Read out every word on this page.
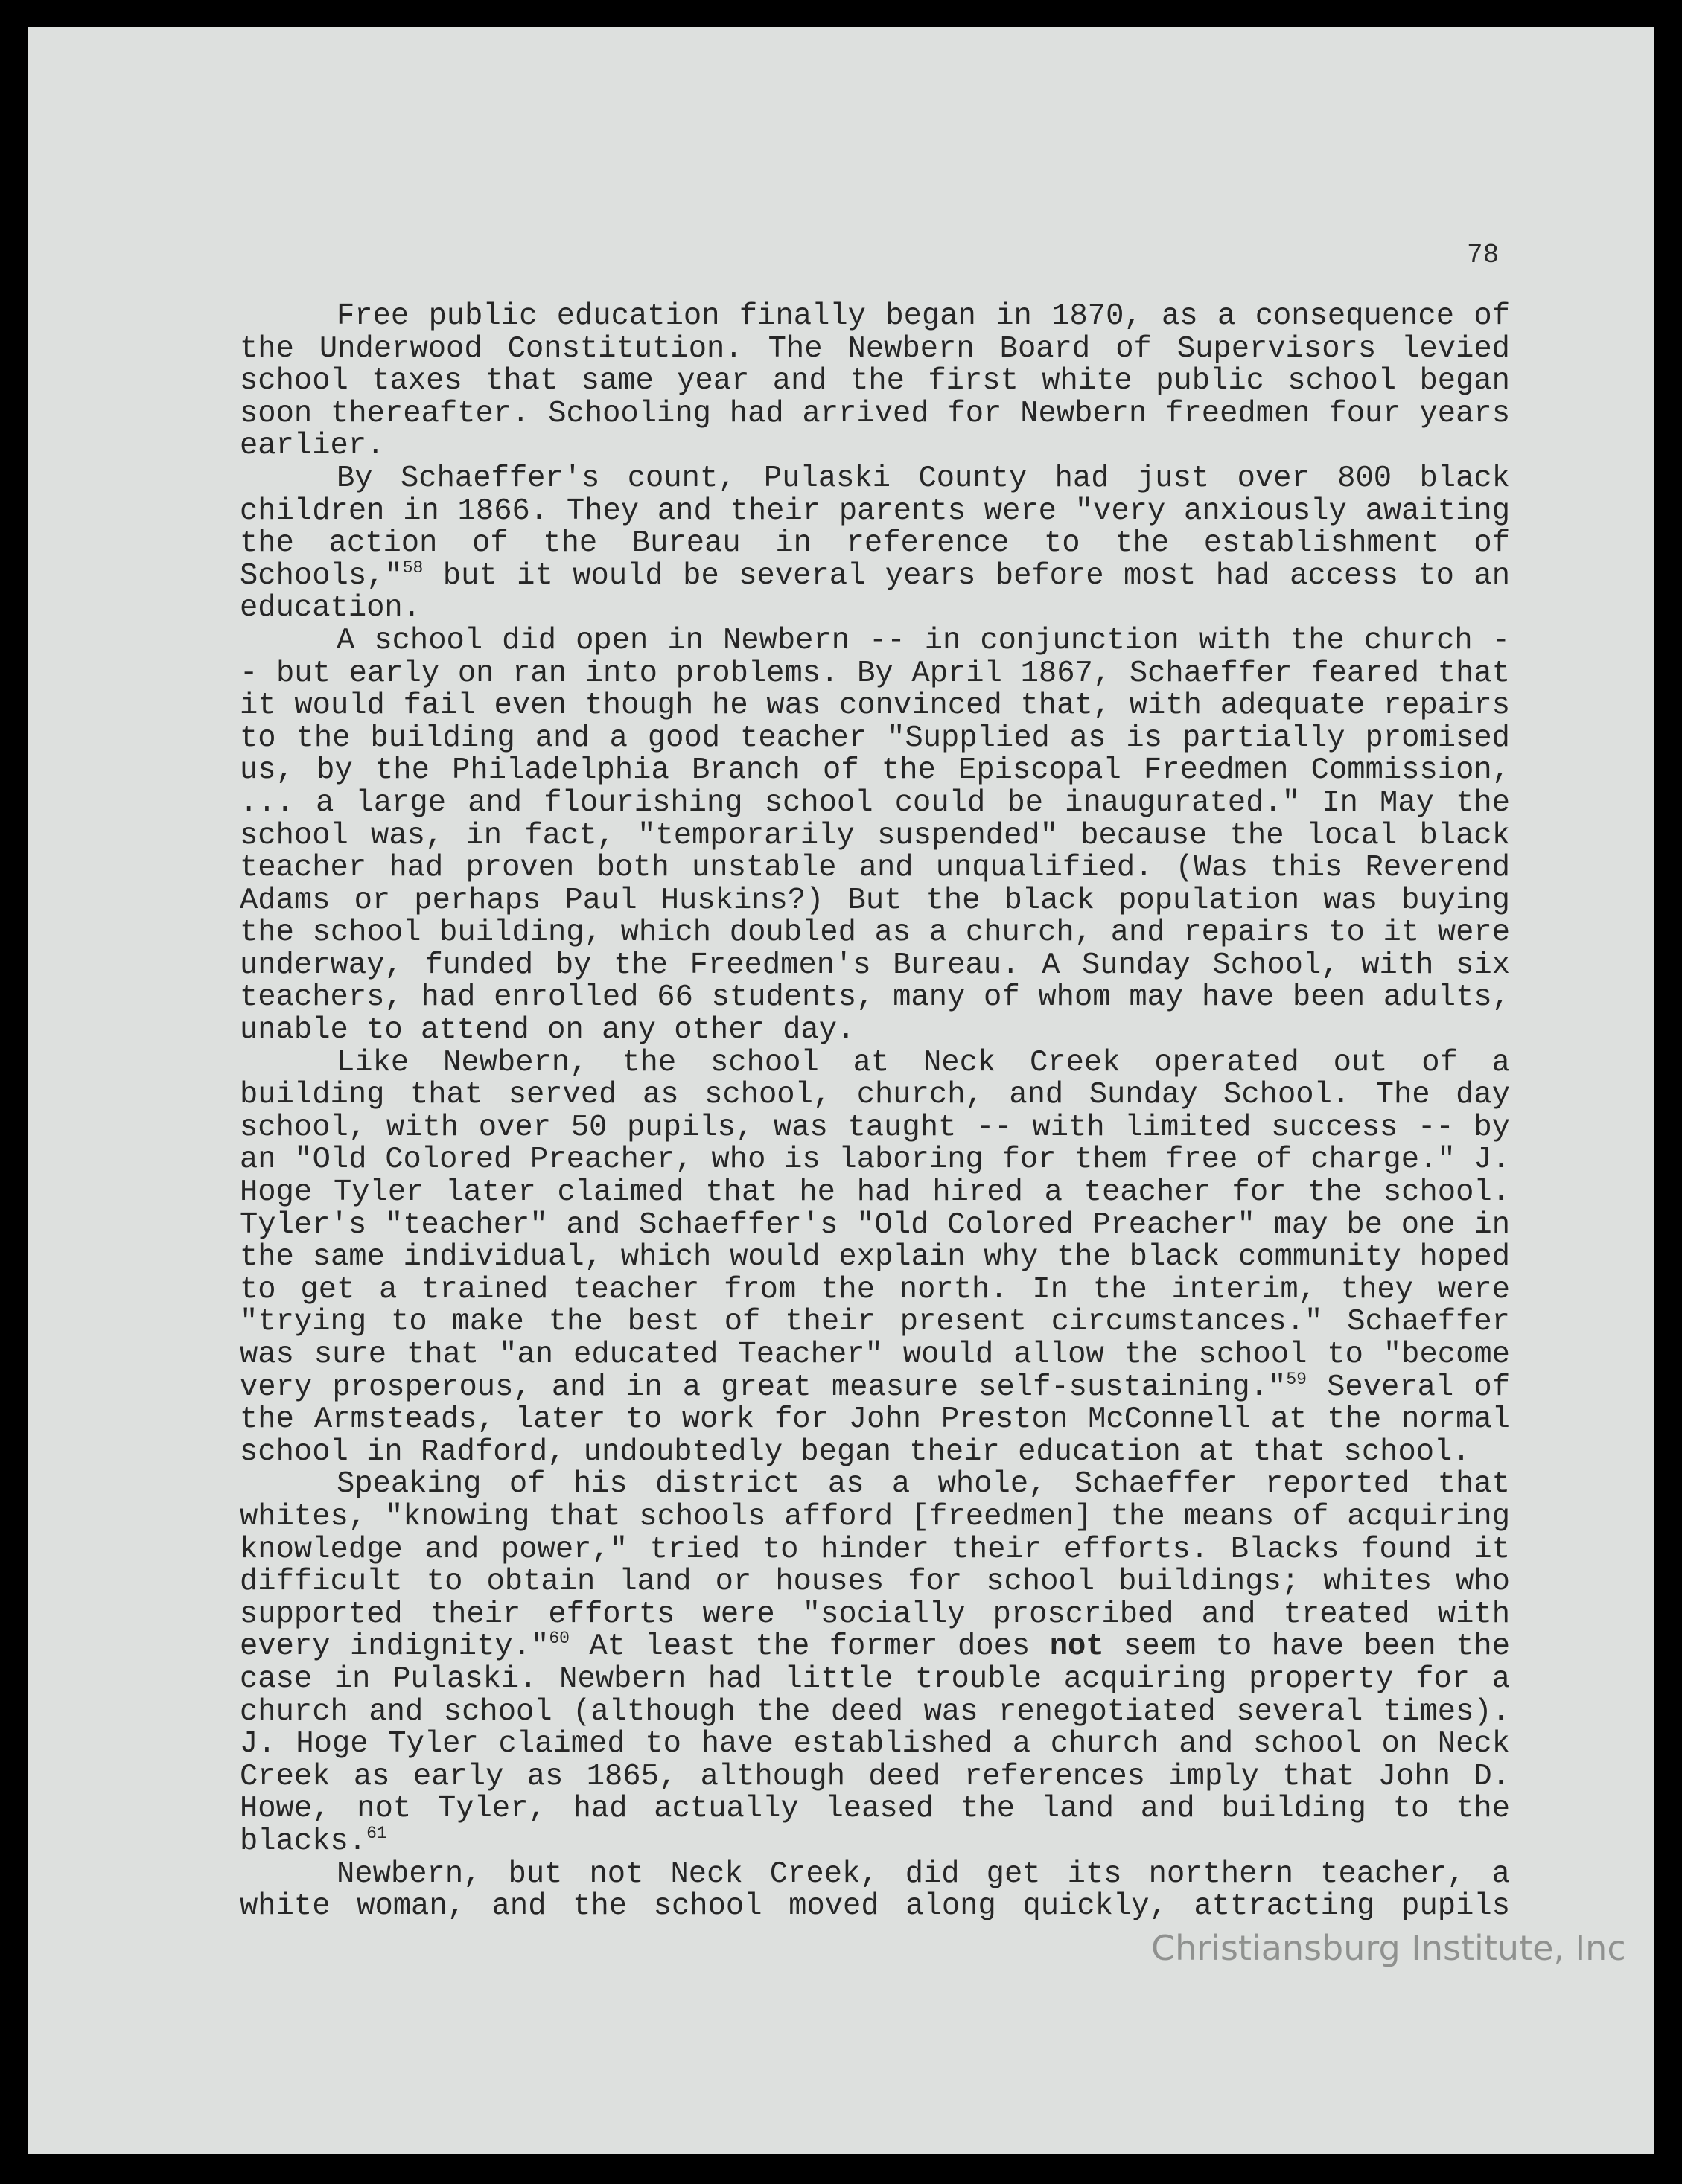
78

Free public education finally began in 1870, as a consequence of the Underwood Constitution. The Newbern Board of Supervisors levied school taxes that same year and the first white public school began soon thereafter. Schooling had arrived for Newbern freedmen four years earlier.

By Schaeffer's count, Pulaski County had just over 800 black children in 1866. They and their parents were "very anxiously awaiting the action of the Bureau in reference to the establishment of Schools,"$^{58}$ but it would be several years before most had access to an education.

A school did open in Newbern -- in conjunction with the church -- but early on ran into problems. By April 1867, Schaeffer feared that it would fail even though he was convinced that, with adequate repairs to the building and a good teacher "Supplied as is partially promised us, by the Philadelphia Branch of the Episcopal Freedmen Commission, ... a large and flourishing school could be inaugurated." In May the school was, in fact, "temporarily suspended" because the local black teacher had proven both unstable and unqualified. (Was this Reverend Adams or perhaps Paul Huskins?) But the black population was buying the school building, which doubled as a church, and repairs to it were underway, funded by the Freedmen's Bureau. A Sunday School, with six teachers, had enrolled 66 students, many of whom may have been adults, unable to attend on any other day.

Like Newbern, the school at Neck Creek operated out of a building that served as school, church, and Sunday School. The day school, with over 50 pupils, was taught -- with limited success -- by an "Old Colored Preacher, who is laboring for them free of charge." J. Hoge Tyler later claimed that he had hired a teacher for the school. Tyler's "teacher" and Schaeffer's "Old Colored Preacher" may be one in the same individual, which would explain why the black community hoped to get a trained teacher from the north. In the interim, they were "trying to make the best of their present circumstances." Schaeffer was sure that "an educated Teacher" would allow the school to "become very prosperous, and in a great measure self-sustaining."$^{59}$ Several of the Armsteads, later to work for John Preston McConnell at the normal school in Radford, undoubtedly began their education at that school.

Speaking of his district as a whole, Schaeffer reported that whites, "knowing that schools afford [freedmen] the means of acquiring knowledge and power," tried to hinder their efforts. Blacks found it difficult to obtain land or houses for school buildings; whites who supported their efforts were "socially proscribed and treated with every indignity."$^{60}$ At least the former does not seem to have been the case in Pulaski. Newbern had little trouble acquiring property for a church and school (although the deed was renegotiated several times). J. Hoge Tyler claimed to have established a church and school on Neck Creek as early as 1865, although deed references imply that John D. Howe, not Tyler, had actually leased the land and building to the blacks.$^{61}$

Newbern, but not Neck Creek, did get its northern teacher, a white woman, and the school moved along quickly, attracting pupils

Christiansburg Institute, Inc
